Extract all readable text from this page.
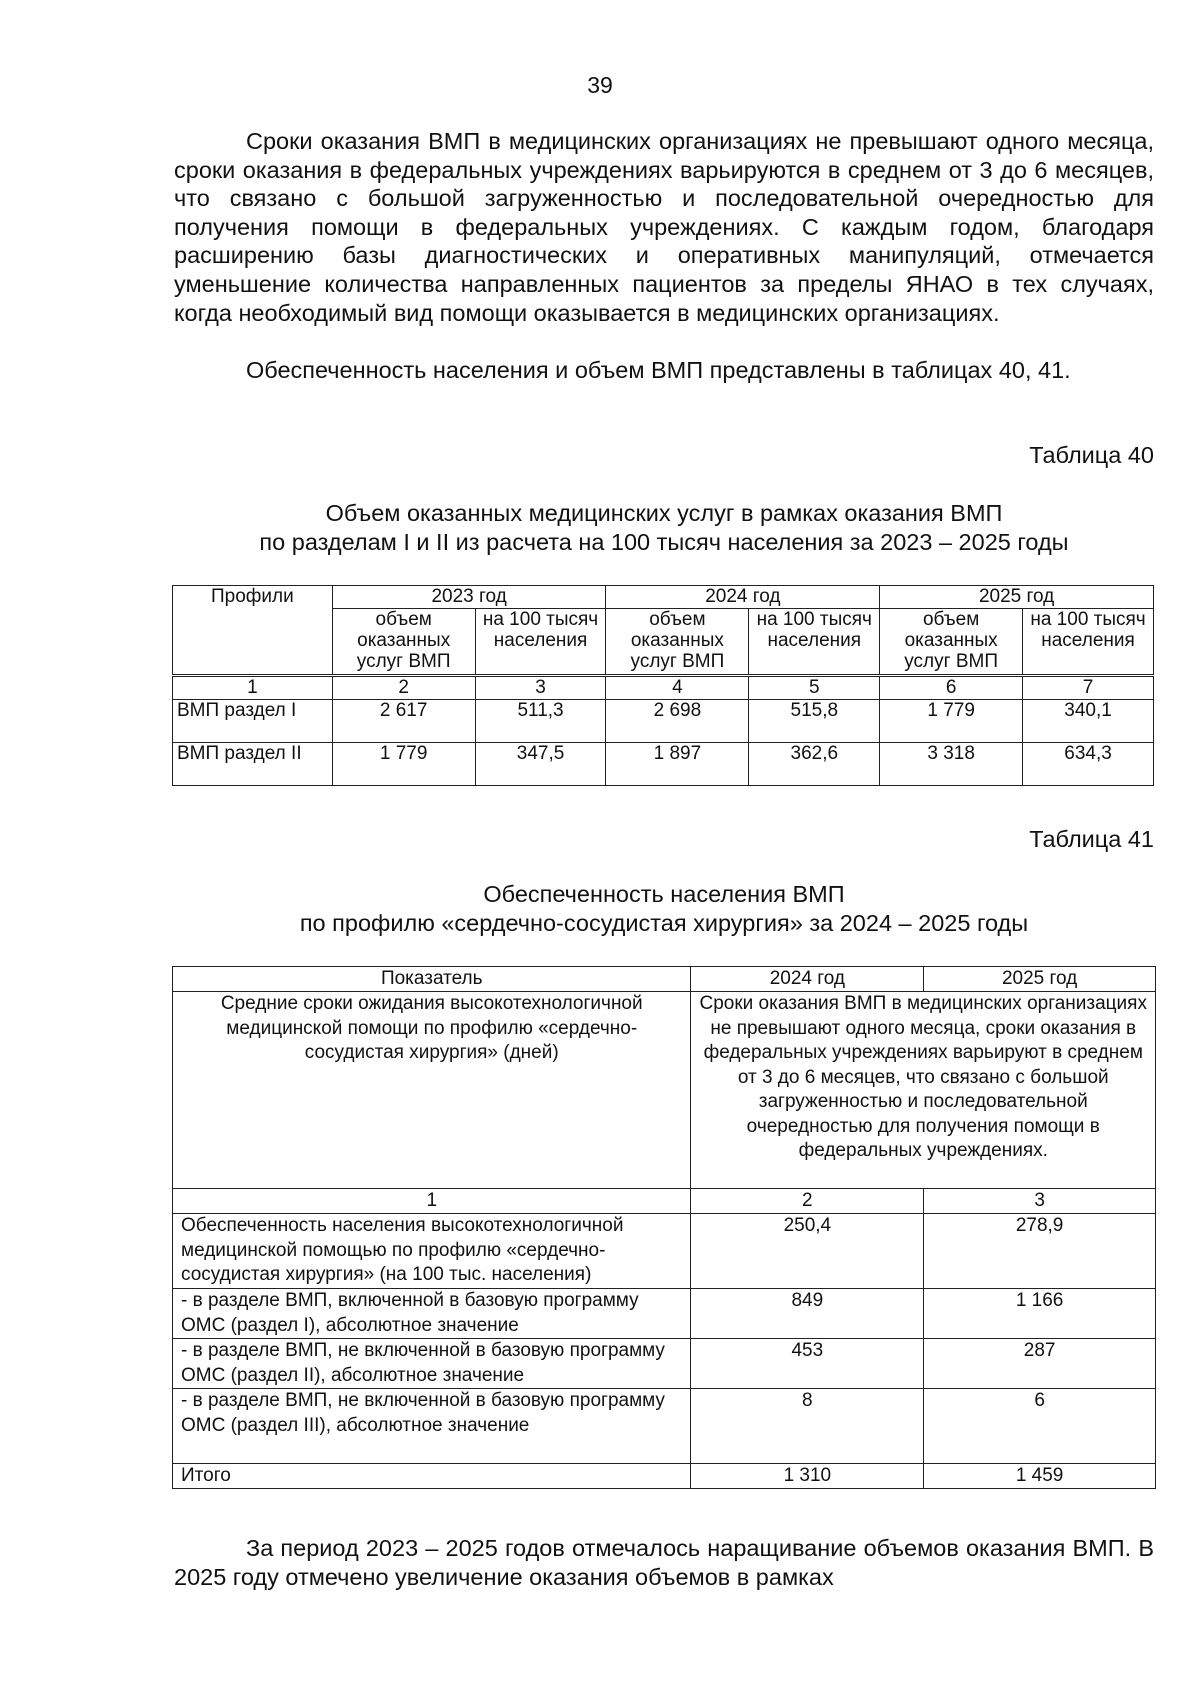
39

Сроки оказания ВМП в медицинских организациях не превышают одного месяца, сроки оказания в федеральных учреждениях варьируются в среднем от 3 до 6 месяцев, что связано с большой загруженностью и последовательной очередностью для получения помощи в федеральных учреждениях. С каждым годом, благодаря расширению базы диагностических и оперативных манипуляций, отмечается уменьшение количества направленных пациентов за пределы ЯНАО в тех случаях, когда необходимый вид помощи оказывается в медицинских организациях.

Обеспеченность населения и объем ВМП представлены в таблицах 40, 41.

Таблица 40
Объем оказанных медицинских услуг в рамках оказания ВМП
по разделам I и II из расчета на 100 тысяч населения за 2023 – 2025 годы
Профили	2023 год		2024 год		2025 год	
	объем оказанных услуг ВМП	на 100 тысяч населения	объем оказанных услуг ВМП	на 100 тысяч населения	объем оказанных услуг ВМП	на 100 тысяч населения
1	2	3	4	5	6	7
ВМП раздел I	2 617	511,3	2 698	515,8	1 779	340,1
ВМП раздел II	1 779	347,5	1 897	362,6	3 318	634,3
Таблица 41
Обеспеченность населения ВМП
по профилю «сердечно-сосудистая хирургия» за 2024 – 2025 годы
Показатель	2024 год	2025 год
Средние сроки ожидания высокотехнологичной медицинской помощи по профилю «сердечно-сосудистая хирургия» (дней)	Сроки оказания ВМП в медицинских организациях не превышают одного месяца, сроки оказания в федеральных учреждениях варьируют в среднем от 3 до 6 месяцев, что связано с большой загруженностью и последовательной очередностью для получения помощи в федеральных учреждениях.	
1	2	3
Обеспеченность населения высокотехнологичной медицинской помощью по профилю «сердечно-сосудистая хирургия» (на 100 тыс. населения)	250,4	278,9
- в разделе ВМП, включенной в базовую программу ОМС (раздел I), абсолютное значение	849	1 166
- в разделе ВМП, не включенной в базовую программу ОМС (раздел II), абсолютное значение	453	287
- в разделе ВМП, не включенной в базовую программу ОМС (раздел III), абсолютное значение	8	6
Итого	1 310	1 459

За период 2023 – 2025 годов отмечалось наращивание объемов оказания ВМП. В 2025 году отмечено увеличение оказания объемов в рамках
